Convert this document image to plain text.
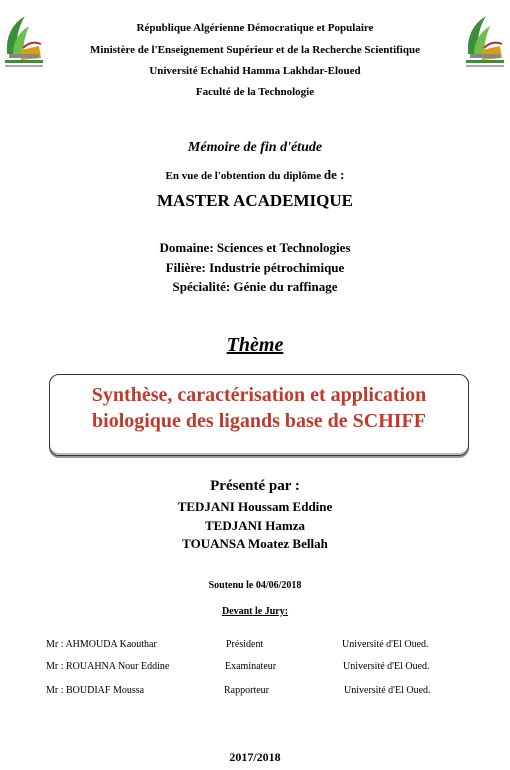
République Algérienne Démocratique et Populaire
Ministère de l'Enseignement Supérieur et de la Recherche Scientifique
Université Echahid Hamma Lakhdar-Eloued
Faculté de la Technologie
Mémoire de fin d'étude
En vue de l'obtention du diplôme de :
MASTER ACADEMIQUE
Domaine: Sciences et Technologies
Filière: Industrie pétrochimique
Spécialité: Génie du raffinage
Thème
Synthèse, caractérisation et application
biologique des ligands base de SCHIFF
Présenté par :
TEDJANI Houssam Eddine
TEDJANI Hamza
TOUANSA Moatez Bellah
Soutenu le 04/06/2018
Devant le Jury:
Mr : AHMOUDA Kaouthar	Président	Université d'El Oued.
Mr : ROUAHNA Nour Eddine	Examinateur	Université d'El Oued.
Mr : BOUDIAF Moussa	Rapporteur	Université d'El Oued.
2017/2018
